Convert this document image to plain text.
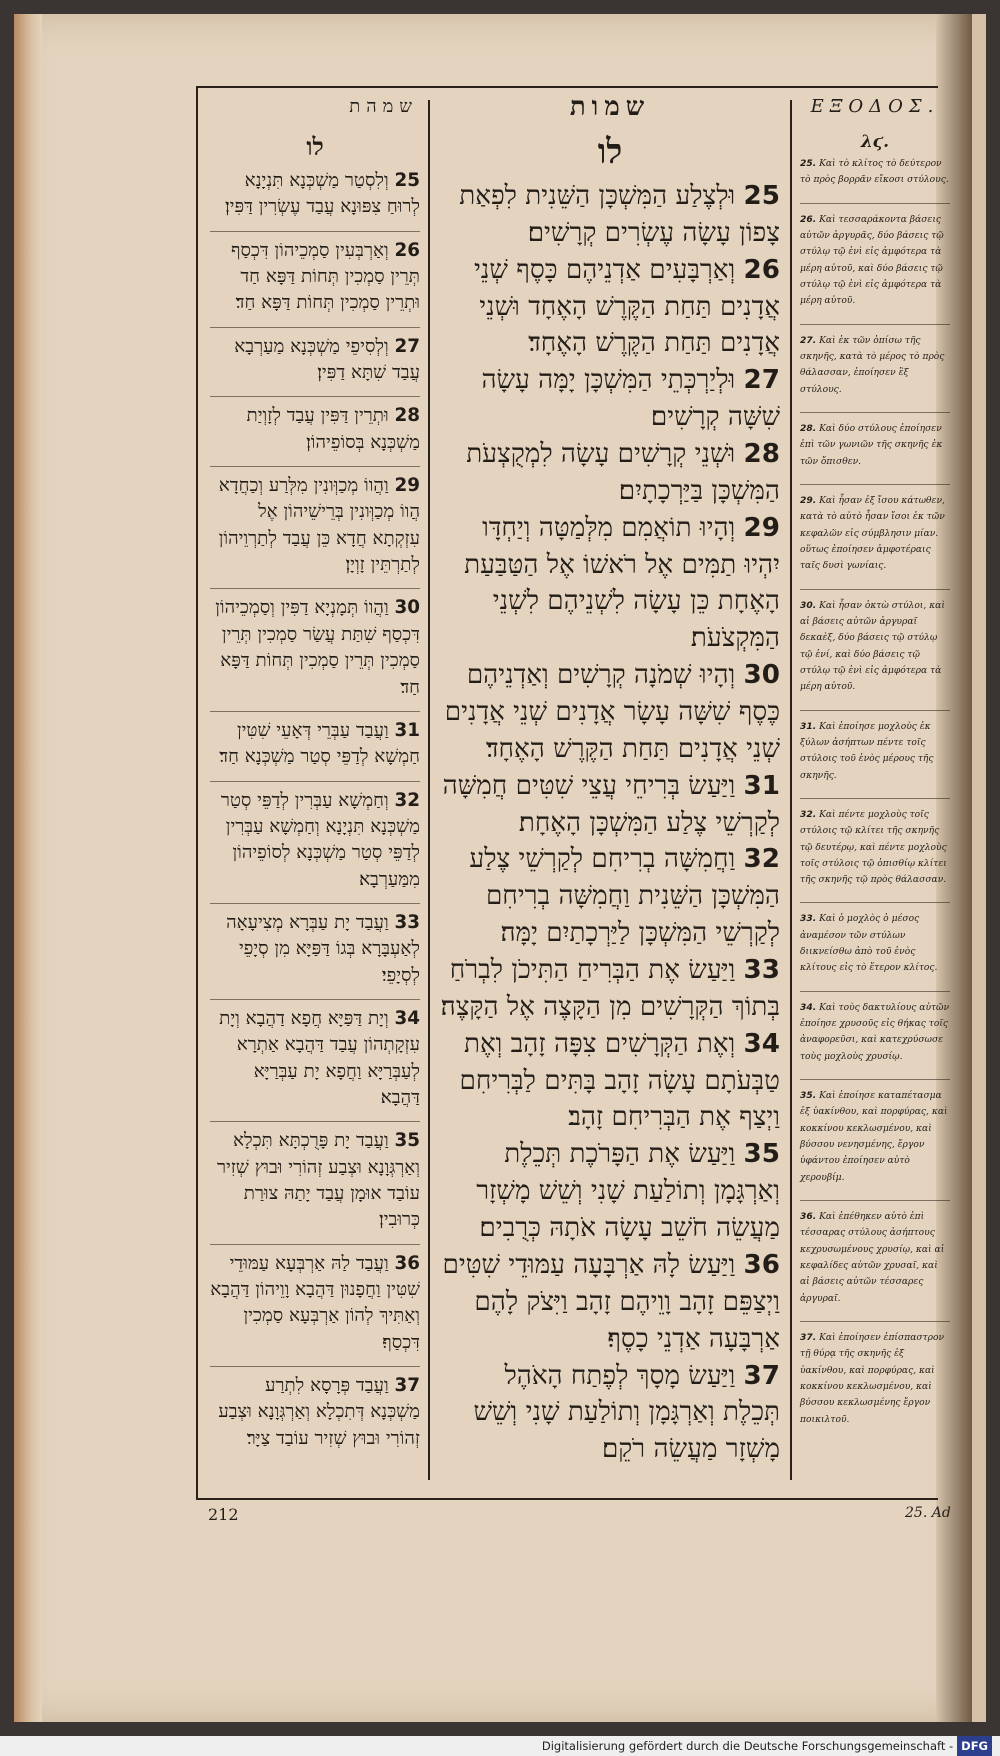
שמהת	שמות	ΕΞΟΔΟΣ.
לו

25 וְלִסְטַר מַשְׁכְּנָא תִּנְיָנָא לְרוּחַ צִפּוּנָא עֲבַד עֶשְׂרִין דַּפִּין׃

26 וְאַרְבְּעִין סַמְכֵיהוֹן דִּכְסַף תְּרֵין סַמְכִין תְּחוֹת דַּפָּא חַד וּתְרֵין סַמְכִין תְּחוֹת דַּפָּא חַד׃

27 וְלְסִיפֵי מַשְׁכְּנָא מַעַרְבָא עֲבַד שִׁתָּא דַפִּין׃

28 וּתְרֵין דַּפִּין עֲבַד לְזָוְיַת מַשְׁכְּנָא בְּסוֹפֵיהוֹן׃

29 וַהֲווֹ מְכַוְּונִין מִלְּרַע וְכַחֲדָא הֲווֹ מְכַוְּונִין בְּרֵישֵׁיהוֹן אֶל עִזְקְתָא חֲדָא כֵּן עֲבַד לְתַרְוֵיהוֹן לְתַרְתֵּין זָוְיָן׃

30 וַהֲווֹ תְּמָנְיָא דַפִּין וְסַמְכֵיהוֹן דִּכְסַף שִׁתַּת עֲשַׂר סַמְכִין תְּרֵין סַמְכִין תְּרֵין סַמְכִין תְּחוֹת דַּפָּא חַד׃

31 וַעֲבַד עַבְּרֵי דְּאָעֵי שִׁטִּין חַמְשָׁא לְדַפֵּי סְטַר מַשְׁכְּנָא חַד׃

32 וְחַמְשָׁא עַבְּרִין לְדַפֵּי סְטַר מַשְׁכְּנָא תִּנְיָנָא וְחַמְשָׁא עַבְּרִין לְדַפֵּי סְטַר מַשְׁכְּנָא לְסוֹפֵיהוֹן מִמַּעַרְבָא׃

33 וַעֲבַד יָת עַבְּרָא מְצִיעָאָה לְאַעְבָּרָא בְּגוֹ דַּפַּיָּא מִן סְיָפֵי לְסְיָפֵי׃

34 וְיָת דַּפַּיָּא חֲפָא דַהֲבָא וְיָת עִזְקָתְהוֹן עֲבַד דַּהֲבָא אַתְרָא לְעַבְּרַיָּא וַחֲפָא יָת עַבְּרַיָּא דַּהֲבָא׃

35 וַעֲבַד יָת פָּרֻכְתָּא תִּכְלָא וְאַרְגְּוָנָא וּצְבַע זְהוֹרִי וּבוּץ שְׁזִיר עוֹבַד אוּמָן עֲבַד יָתַהּ צוּרַת כְּרוּבִין׃

36 וַעֲבַד לַהּ אַרְבְּעָא עַמּוּדֵי שִׁטִּין וַחֲפָנוּן דַּהֲבָא וָוֵיהוֹן דַּהֲבָא וְאַתִּיךְ לְהוֹן אַרְבְּעָא סַמְכִין דִּכְסַף׃

37 וַעֲבַד פְּרָסָא לִתְרַע מַשְׁכְּנָא דְּתִכְלָא וְאַרְגְּוָנָא וּצְבַע זְהוֹרִי וּבוּץ שְׁזִיר עוֹבַד צַיָּר׃

לו

25 וּלְצֶלַע הַמִּשְׁכָּן הַשֵּׁנִית לִפְאַת צָפוֹן עָשָׂה עֶשְׂרִים קְרָשִׁים׃

26 וְאַרְבָּעִים אַדְנֵיהֶם כָּסֶף שְׁנֵי אֲדָנִים תַּחַת הַקֶּרֶשׁ הָאֶחָד וּשְׁנֵי אֲדָנִים תַּחַת הַקֶּרֶשׁ הָאֶחָד׃

27 וּלְיַרְכְּתֵי הַמִּשְׁכָּן יָמָּה עָשָׂה שִׁשָּׁה קְרָשִׁים׃

28 וּשְׁנֵי קְרָשִׁים עָשָׂה לִמְקֻצְעֹת הַמִּשְׁכָּן בַּיַּרְכָתָיִם׃

29 וְהָיוּ תוֹאֲמִם מִלְּמַטָּה וְיַחְדָּו יִהְיוּ תַמִּים אֶל רֹאשׁוֹ אֶל הַטַּבַּעַת הָאֶחָת כֵּן עָשָׂה לִשְׁנֵיהֶם לִשְׁנֵי הַמִּקְצֹעֹת׃

30 וְהָיוּ שְׁמֹנָה קְרָשִׁים וְאַדְנֵיהֶם כֶּסֶף שִׁשָּׁה עָשָׂר אֲדָנִים שְׁנֵי אֲדָנִים שְׁנֵי אֲדָנִים תַּחַת הַקֶּרֶשׁ הָאֶחָד׃

31 וַיַּעַשׂ בְּרִיחֵי עֲצֵי שִׁטִּים חֲמִשָּׁה לְקַרְשֵׁי צֶלַע הַמִּשְׁכָּן הָאֶחָת׃

32 וַחֲמִשָּׁה בְרִיחִם לְקַרְשֵׁי צֶלַע הַמִּשְׁכָּן הַשֵּׁנִית וַחֲמִשָּׁה בְרִיחִם לְקַרְשֵׁי הַמִּשְׁכָּן לַיַּרְכָתַיִם יָמָּה׃

33 וַיַּעַשׂ אֶת הַבְּרִיחַ הַתִּיכֹן לִבְרֹחַ בְּתוֹךְ הַקְּרָשִׁים מִן הַקָּצֶה אֶל הַקָּצֶה׃

34 וְאֶת הַקְּרָשִׁים צִפָּה זָהָב וְאֶת טַבְּעֹתָם עָשָׂה זָהָב בָּתִּים לַבְּרִיחִם וַיְצַף אֶת הַבְּרִיחִם זָהָב׃

35 וַיַּעַשׂ אֶת הַפָּרֹכֶת תְּכֵלֶת וְאַרְגָּמָן וְתוֹלַעַת שָׁנִי וְשֵׁשׁ מָשְׁזָר מַעֲשֵׂה חֹשֵׁב עָשָׂה אֹתָהּ כְּרֻבִים׃

36 וַיַּעַשׂ לָהּ אַרְבָּעָה עַמּוּדֵי שִׁטִּים וַיְצַפֵּם זָהָב וָוֵיהֶם זָהָב וַיִּצֹק לָהֶם אַרְבָּעָה אַדְנֵי כָסֶף׃

37 וַיַּעַשׂ מָסָךְ לְפֶתַח הָאֹהֶל תְּכֵלֶת וְאַרְגָּמָן וְתוֹלַעַת שָׁנִי וְשֵׁשׁ מָשְׁזָר מַעֲשֵׂה רֹקֵם׃

λϛ.

25. Καὶ τὸ κλίτος τὸ δεύτερον τὸ πρὸς βορρᾶν εἴκοσι στύλους.

26. Καὶ τεσσαράκοντα βάσεις αὐτῶν ἀργυρᾶς, δύο βάσεις τῷ στύλῳ τῷ ἑνὶ εἰς ἀμφότερα τὰ μέρη αὐτοῦ, καὶ δύο βάσεις τῷ στύλῳ τῷ ἑνὶ εἰς ἀμφότερα τὰ μέρη αὐτοῦ.

27. Καὶ ἐκ τῶν ὀπίσω τῆς σκηνῆς, κατὰ τὸ μέρος τὸ πρὸς θάλασσαν, ἐποίησεν ἓξ στύλους.

28. Καὶ δύο στύλους ἐποίησεν ἐπὶ τῶν γωνιῶν τῆς σκηνῆς ἐκ τῶν ὄπισθεν.

29. Καὶ ἦσαν ἐξ ἴσου κάτωθεν, κατὰ τὸ αὐτὸ ἦσαν ἴσοι ἐκ τῶν κεφαλῶν εἰς σύμβλησιν μίαν. οὕτως ἐποίησεν ἀμφοτέραις ταῖς δυσὶ γωνίαις.

30. Καὶ ἦσαν ὀκτὼ στύλοι, καὶ αἱ βάσεις αὐτῶν ἀργυραῖ δεκαὲξ, δύο βάσεις τῷ στύλῳ τῷ ἑνί, καὶ δύο βάσεις τῷ στύλῳ τῷ ἑνὶ εἰς ἀμφότερα τὰ μέρη αὐτοῦ.

31. Καὶ ἐποίησε μοχλοὺς ἐκ ξύλων ἀσήπτων πέντε τοῖς στύλοις τοῦ ἑνὸς μέρους τῆς σκηνῆς.

32. Καὶ πέντε μοχλοὺς τοῖς στύλοις τῷ κλίτει τῆς σκηνῆς τῷ δευτέρῳ, καὶ πέντε μοχλοὺς τοῖς στύλοις τῷ ὀπισθίῳ κλίτει τῆς σκηνῆς τῷ πρὸς θάλασσαν.

33. Καὶ ὁ μοχλὸς ὁ μέσος ἀναμέσον τῶν στύλων διικνείσθω ἀπὸ τοῦ ἑνὸς κλίτους εἰς τὸ ἕτερον κλίτος.

34. Καὶ τοὺς δακτυλίους αὐτῶν ἐποίησε χρυσοῦς εἰς θήκας τοῖς ἀναφορεῦσι, καὶ κατεχρύσωσε τοὺς μοχλοὺς χρυσίῳ.

35. Καὶ ἐποίησε καταπέτασμα ἐξ ὑακίνθου, καὶ πορφύρας, καὶ κοκκίνου κεκλωσμένου, καὶ βύσσου νενησμένης, ἔργον ὑφάντου ἐποίησεν αὐτὸ χερουβίμ.

36. Καὶ ἐπέθηκεν αὐτὸ ἐπὶ τέσσαρας στύλους ἀσήπτους κεχρυσωμένους χρυσίῳ, καὶ αἱ κεφαλίδες αὐτῶν χρυσαῖ, καὶ αἱ βάσεις αὐτῶν τέσσαρες ἀργυραῖ.

37. Καὶ ἐποίησεν ἐπίσπαστρον τῇ θύρᾳ τῆς σκηνῆς ἐξ ὑακίνθου, καὶ πορφύρας, καὶ κοκκίνου κεκλωσμένου, καὶ βύσσου κεκλωσμένης ἔργον ποικιλτοῦ.

212	25. Ad
Digitalisierung gefördert durch die Deutsche Forschungsgemeinschaft - DFG
